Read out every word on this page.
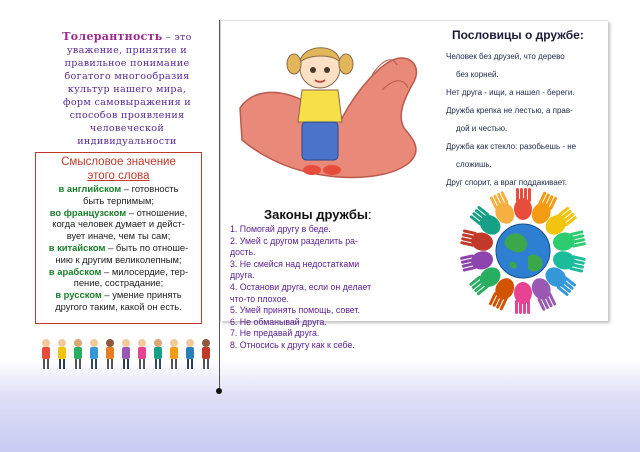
Толерантность – это
уважение, принятие и
правильное понимание
богатого многообразия
культур нашего мира,
форм самовыражения и
способов проявления
человеческой
индивидуальности
Смысловое значение
этого слова
в английском – готовность
быть терпимым;
во французском – отношение,
когда человек думает и дейст-
вует иначе, чем ты сам;
в китайском – быть по отноше-
нию к другим великолепным;
в арабском – милосердие, тер-
пение, сострадание;
в русском – умение принять
другого таким, какой он есть.
Пословицы о дружбе:
Человек без друзей, что дерево
без корней.
Нет друга - ищи, а нашел - береги.
Дружба крепка не лестью, а прав-
дой и честью.
Дружба как стекло: разобьешь - не
сложишь.
Друг спорит, а враг поддакивает.
Законы дружбы:
1. Помогай другу в беде.
2. Умей с другом разделить ра-
дость.
3. Не смейся над недостатками
друга.
4. Останови друга, если он делает
что-то плохое.
5. Умей принять помощь, совет.
6. Не обманывай друга.
7. Не предавай друга.
8. Относись к другу как к себе.
